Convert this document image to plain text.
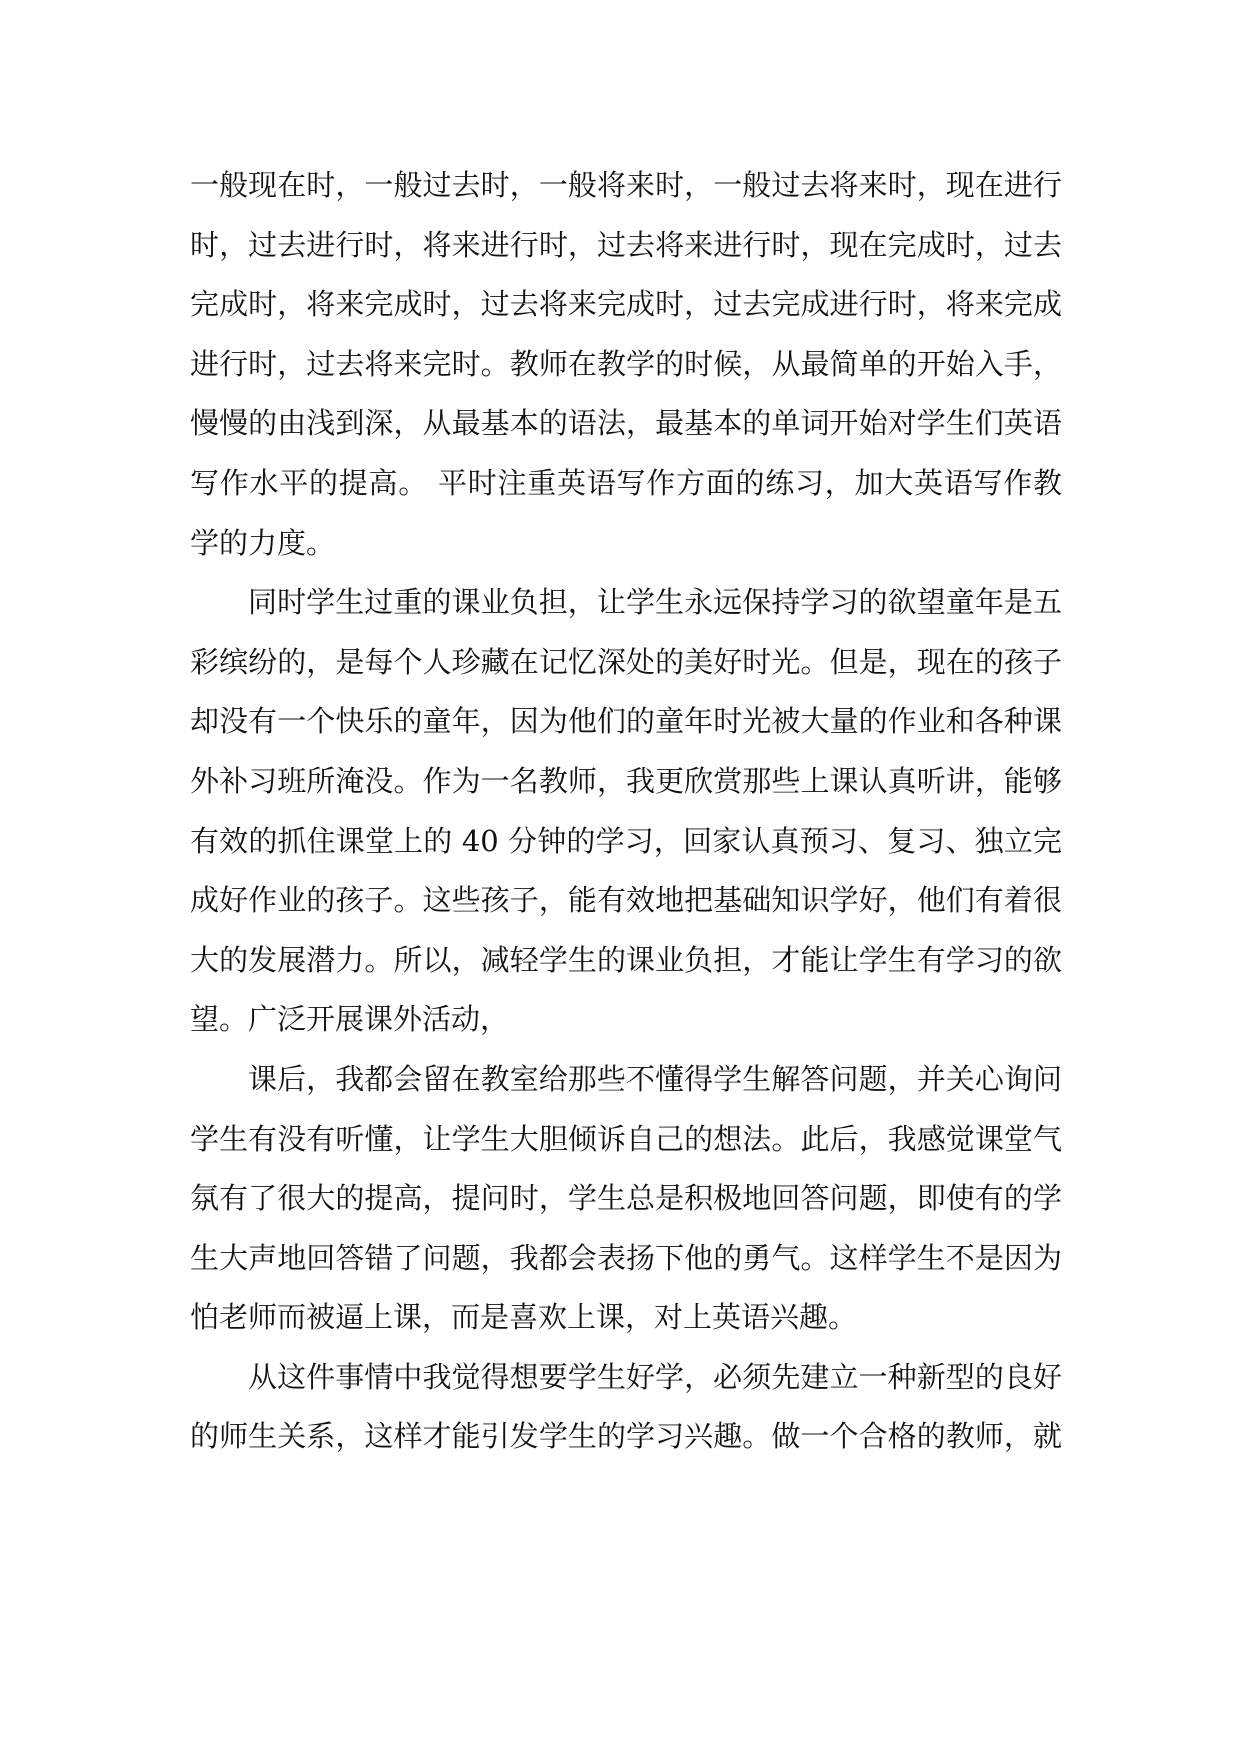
一般现在时，一般过去时，一般将来时，一般过去将来时，现在进行
时，过去进行时，将来进行时，过去将来进行时，现在完成时，过去
完成时，将来完成时，过去将来完成时，过去完成进行时，将来完成
进行时，过去将来完时。教师在教学的时候，从最简单的开始入手，
慢慢的由浅到深，从最基本的语法，最基本的单词开始对学生们英语
写作水平的提高。 平时注重英语写作方面的练习，加大英语写作教
学的力度。
同时学生过重的课业负担，让学生永远保持学习的欲望童年是五
彩缤纷的，是每个人珍藏在记忆深处的美好时光。但是，现在的孩子
却没有一个快乐的童年，因为他们的童年时光被大量的作业和各种课
外补习班所淹没。作为一名教师，我更欣赏那些上课认真听讲，能够
有效的抓住课堂上的 40 分钟的学习，回家认真预习、复习、独立完
成好作业的孩子。这些孩子，能有效地把基础知识学好，他们有着很
大的发展潜力。所以，减轻学生的课业负担，才能让学生有学习的欲
望。广泛开展课外活动，
课后，我都会留在教室给那些不懂得学生解答问题，并关心询问
学生有没有听懂，让学生大胆倾诉自己的想法。此后，我感觉课堂气
氛有了很大的提高，提问时，学生总是积极地回答问题，即使有的学
生大声地回答错了问题，我都会表扬下他的勇气。这样学生不是因为
怕老师而被逼上课，而是喜欢上课，对上英语兴趣。
从这件事情中我觉得想要学生好学，必须先建立一种新型的良好
的师生关系，这样才能引发学生的学习兴趣。做一个合格的教师，就
